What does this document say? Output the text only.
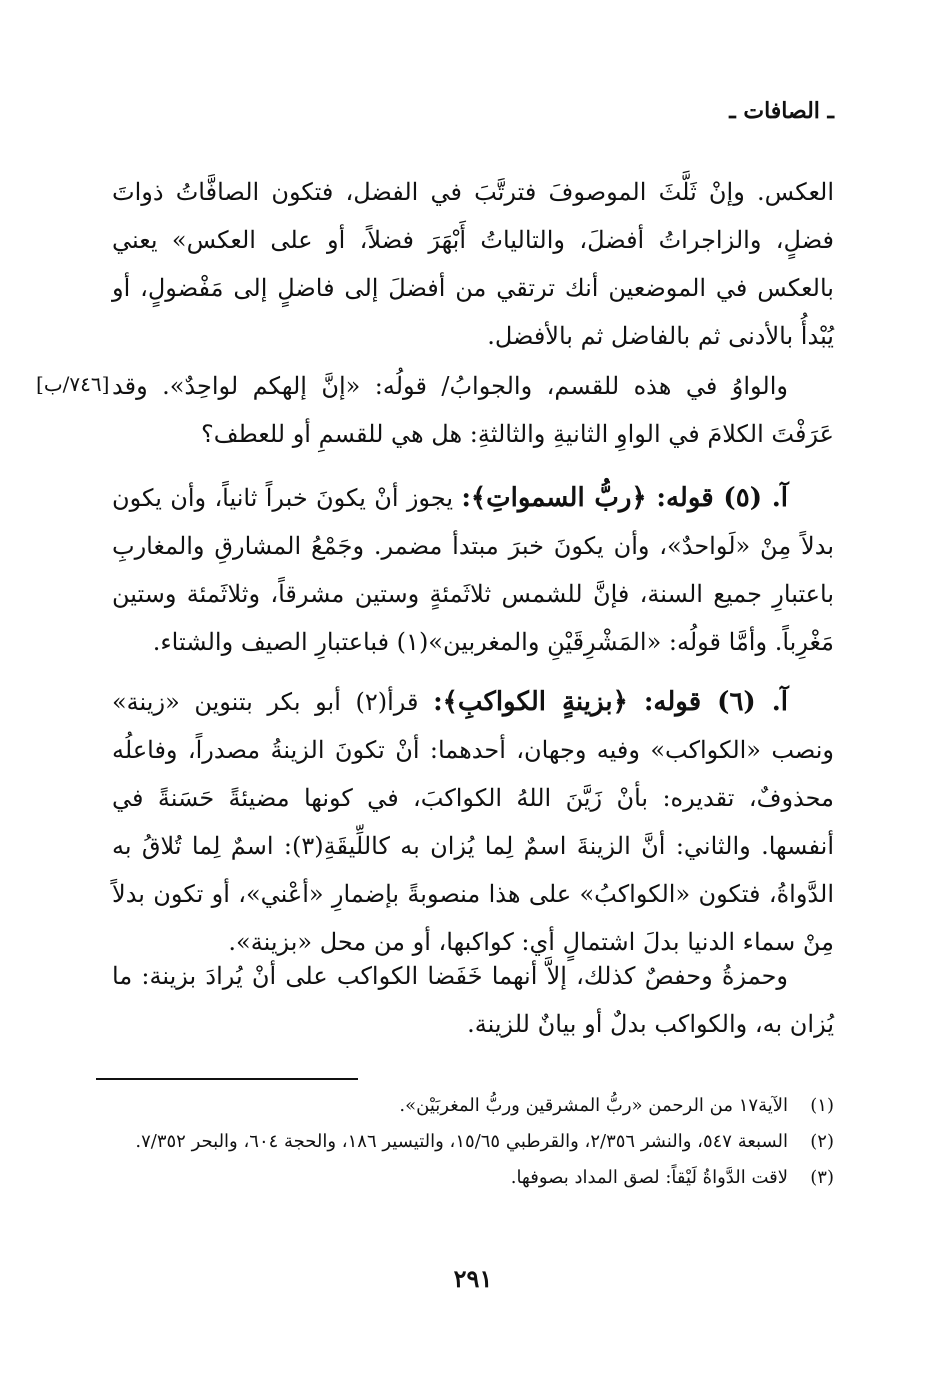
ـ الصافات ـ
[٧٤٦/ب]

العكس. وإنْ ثَلَّثَ الموصوفَ فترتَّبَ في الفضل، فتكون الصافَّاتُ ذواتَ فضلٍ، والزاجراتُ أفضلَ، والتالياتُ أَبْهَرَ فضلاً، أو على العكس» يعني بالعكس في الموضعين أنك ترتقي من أفضلَ إلى فاضلٍ إلى مَفْضولٍ، أو يُبْدأُ بالأدنى ثم بالفاضل ثم بالأفضل.

والواوُ في هذه للقسم، والجوابُ/ قولُه: «إنَّ إلهكم لواحِدٌ». وقد عَرَفْتَ الكلامَ في الواوِ الثانيةِ والثالثةِ: هل هي للقسمِ أو للعطف؟

آ. (٥) قوله: ﴿ربُّ السمواتِ﴾: يجوز أنْ يكونَ خبراً ثانياً، وأن يكون بدلاً مِنْ «لَواحدٌ»، وأن يكونَ خبرَ مبتدأ مضمر. وجَمْعُ المشارقِ والمغاربِ باعتبارِ جميع السنة، فإنَّ للشمس ثلاثَمئةٍ وستين مشرقاً، وثلاثَمئة وستين مَغْرِباً. وأمَّا قولُه: «المَشْرِقَيْنِ والمغربين»(١) فباعتبارِ الصيف والشتاء.

آ. (٦) قوله: ﴿بزينةٍ الكواكبِ﴾: قرأ(٢) أبو بكر بتنوين «زينة» ونصب «الكواكب» وفيه وجهان، أحدهما: أنْ تكونَ الزينةُ مصدراً، وفاعلُه محذوفٌ، تقديره: بأنْ زَيَّنَ اللهُ الكواكبَ، في كونها مضيئةً حَسَنةً في أنفسها. والثاني: أنَّ الزينةَ اسمٌ لِما يُزان به كاللِّيقَةِ(٣): اسمٌ لِما تُلاقُ به الدَّواةُ، فتكون «الكواكبُ» على هذا منصوبةً بإضمارِ «أعْني»، أو تكون بدلاً مِنْ سماء الدنيا بدلَ اشتمالٍ أي: كواكبها، أو من محل «بزينة».

وحمزةُ وحفصٌ كذلك، إلاَّ أنهما خَفَضا الكواكب على أنْ يُرادَ بزينة: ما يُزان به، والكواكب بدلٌ أو بيانٌ للزينة.

(١)
الآية١٧ من الرحمن «ربُّ المشرقين وربُّ المغربَيْن».
(٢)
السبعة ٥٤٧، والنشر ٢/٣٥٦، والقرطبي ١٥/٦٥، والتيسير ١٨٦، والحجة ٦٠٤، والبحر ٧/٣٥٢.
(٣)
لاقت الدَّواةُ لَيْقاً: لصق المداد بصوفها.
٢٩١
